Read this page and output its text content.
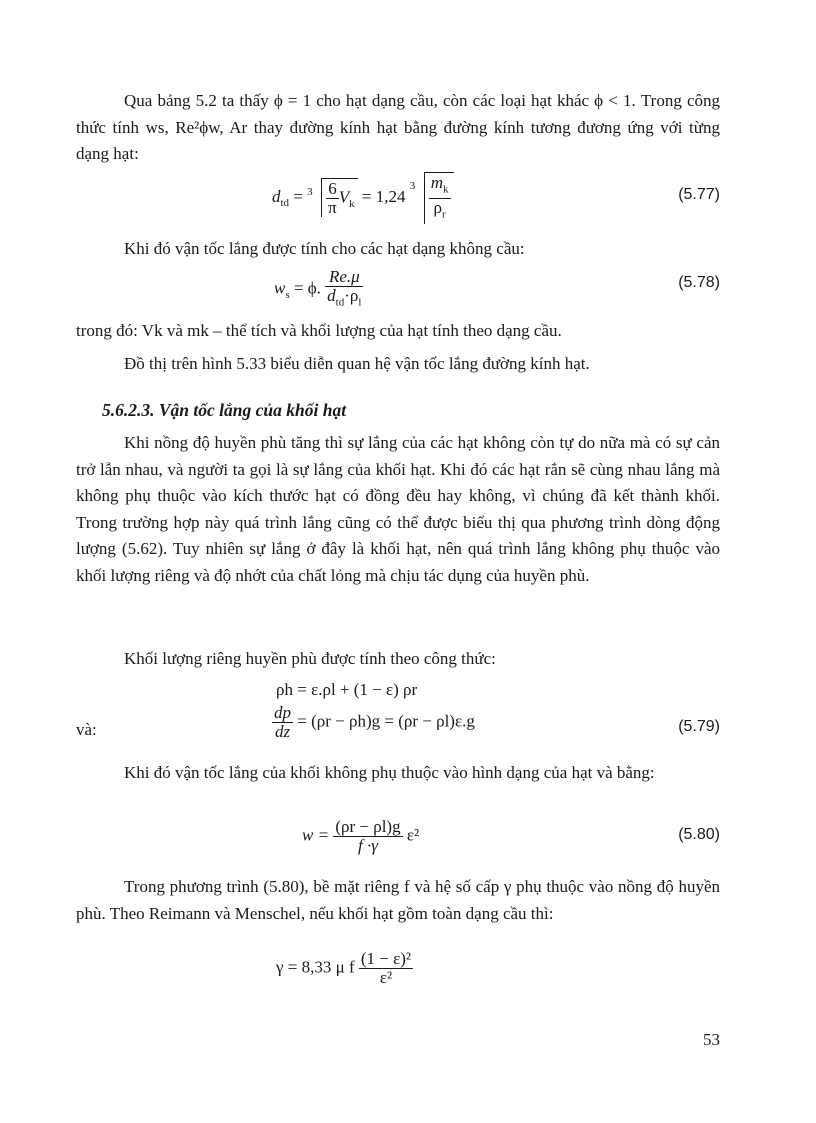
Qua bảng 5.2 ta thấy ϕ = 1 cho hạt dạng cầu, còn các loại hạt khác ϕ < 1. Trong công thức tính ws, Re²ϕw, Ar thay đường kính hạt bằng đường kính tương đương ứng với từng dạng hạt:

$d_{td} = 3 \frac{6}{\pi} V_k = 1,24$
$3 \frac{m_k}{\rho_r}$	(5.77)

Khi đó vận tốc lắng được tính cho các hạt dạng không cầu:

$w_s = \phi$. $\frac{Re.\mu}{d_{td}\cdot\rho_l}$	(5.78)

trong đó: Vk và mk – thể tích và khối lượng của hạt tính theo dạng cầu.

Đồ thị trên hình 5.33 biểu diễn quan hệ vận tốc lắng đường kính hạt.

5.6.2.3. Vận tốc lắng của khối hạt

Khi nồng độ huyền phù tăng thì sự lắng của các hạt không còn tự do nữa mà có sự cản trở lẫn nhau, và người ta gọi là sự lắng của khối hạt. Khi đó các hạt rắn sẽ cùng nhau lắng mà không phụ thuộc vào kích thước hạt có đồng đều hay không, vì chúng đã kết thành khối. Trong trường hợp này quá trình lắng cũng có thể được biểu thị qua phương trình dòng động lượng (5.62). Tuy nhiên sự lắng ở đây là khối hạt, nên quá trình lắng không phụ thuộc vào khối lượng riêng và độ nhớt của chất lỏng mà chịu tác dụng của huyền phù.

Khối lượng riêng huyền phù được tính theo công thức:

ρh = ε.ρl + (1 − ε) ρr
và:	$\frac{dp}{dz} = (\rho r - \rho h)g = (\rho r - \rho l)\varepsilon.g$	(5.79)

Khi đó vận tốc lắng của khối không phụ thuộc vào hình dạng của hạt và bằng:

$w = \frac{(\rho r - \rho l)g}{f \cdot\gamma} \varepsilon^2$	(5.80)

Trong phương trình (5.80), bề mặt riêng f và hệ số cấp γ phụ thuộc vào nồng độ huyền phù. Theo Reimann và Menschel, nếu khối hạt gồm toàn dạng cầu thì:

γ = 8,33 μ f $\frac{\text{(1 − ε)²}}{\text{ε²}}$
53
